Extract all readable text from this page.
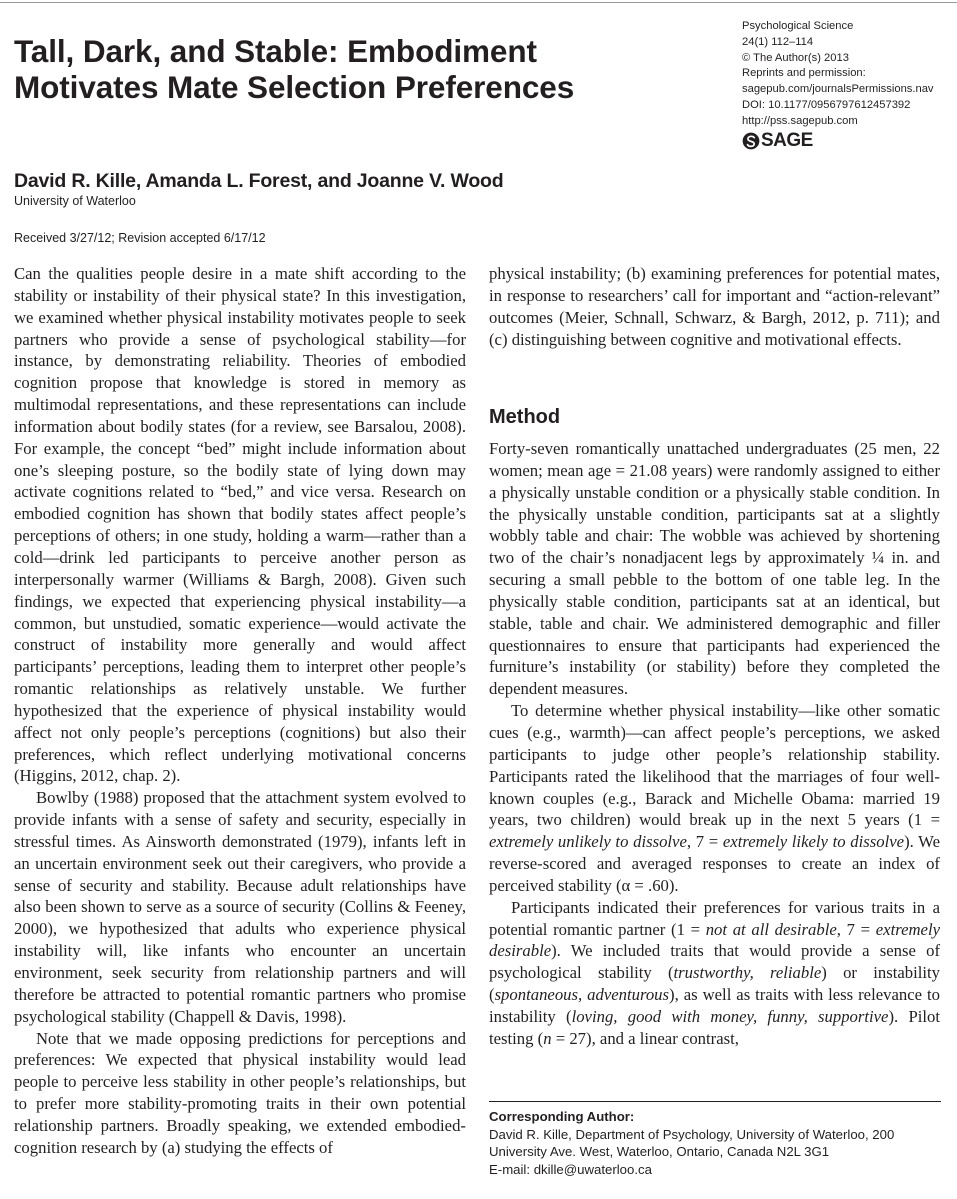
Tall, Dark, and Stable: Embodiment
Motivates Mate Selection Preferences
Psychological Science
24(1) 112–114
© The Author(s) 2013
Reprints and permission:
sagepub.com/journalsPermissions.nav
DOI: 10.1177/0956797612457392
http://pss.sagepub.com
SAGE
David R. Kille, Amanda L. Forest, and Joanne V. Wood
University of Waterloo
Received 3/27/12; Revision accepted 6/17/12

Can the qualities people desire in a mate shift according to the stability or instability of their physical state? In this investigation, we examined whether physical instability motivates people to seek partners who provide a sense of psychological stability—for instance, by demonstrating reliability. Theories of embodied cognition propose that knowledge is stored in memory as multimodal representations, and these representations can include information about bodily states (for a review, see Barsalou, 2008). For example, the concept “bed” might include information about one’s sleeping posture, so the bodily state of lying down may activate cognitions related to “bed,” and vice versa. Research on embodied cognition has shown that bodily states affect people’s perceptions of others; in one study, holding a warm—rather than a cold—drink led participants to perceive another person as interpersonally warmer (Williams & Bargh, 2008). Given such findings, we expected that experiencing physical instability—a common, but unstudied, somatic experience—would activate the construct of instability more generally and would affect participants’ perceptions, leading them to interpret other people’s romantic relationships as relatively unstable. We further hypothesized that the experience of physical instability would affect not only people’s perceptions (cognitions) but also their preferences, which reflect underlying motivational concerns (Higgins, 2012, chap. 2).

Bowlby (1988) proposed that the attachment system evolved to provide infants with a sense of safety and security, especially in stressful times. As Ainsworth demonstrated (1979), infants left in an uncertain environment seek out their caregivers, who provide a sense of security and stability. Because adult relationships have also been shown to serve as a source of security (Collins & Feeney, 2000), we hypothesized that adults who experience physical instability will, like infants who encounter an uncertain environment, seek security from relationship partners and will therefore be attracted to potential romantic partners who promise psychological stability (Chappell & Davis, 1998).

Note that we made opposing predictions for perceptions and preferences: We expected that physical instability would lead people to perceive less stability in other people’s relationships, but to prefer more stability-promoting traits in their own potential relationship partners. Broadly speaking, we extended embodied-cognition research by (a) studying the effects of

physical instability; (b) examining preferences for potential mates, in response to researchers’ call for important and “action-relevant” outcomes (Meier, Schnall, Schwarz, & Bargh, 2012, p. 711); and (c) distinguishing between cognitive and motivational effects.

Method

Forty-seven romantically unattached undergraduates (25 men, 22 women; mean age = 21.08 years) were randomly assigned to either a physically unstable condition or a physically stable condition. In the physically unstable condition, participants sat at a slightly wobbly table and chair: The wobble was achieved by shortening two of the chair’s nonadjacent legs by approximately ¼ in. and securing a small pebble to the bottom of one table leg. In the physically stable condition, participants sat at an identical, but stable, table and chair. We administered demographic and filler questionnaires to ensure that participants had experienced the furniture’s instability (or stability) before they completed the dependent measures.

To determine whether physical instability—like other somatic cues (e.g., warmth)—can affect people’s perceptions, we asked participants to judge other people’s relationship stability. Participants rated the likelihood that the marriages of four well-known couples (e.g., Barack and Michelle Obama: married 19 years, two children) would break up in the next 5 years (1 = extremely unlikely to dissolve, 7 = extremely likely to dissolve). We reverse-scored and averaged responses to create an index of perceived stability (α = .60).

Participants indicated their preferences for various traits in a potential romantic partner (1 = not at all desirable, 7 = extremely desirable). We included traits that would provide a sense of psychological stability (trustworthy, reliable) or instability (spontaneous, adventurous), as well as traits with less relevance to instability (loving, good with money, funny, supportive). Pilot testing (n = 27), and a linear contrast,

Corresponding Author:
David R. Kille, Department of Psychology, University of Waterloo, 200
University Ave. West, Waterloo, Ontario, Canada N2L 3G1
E-mail: dkille@uwaterloo.ca
